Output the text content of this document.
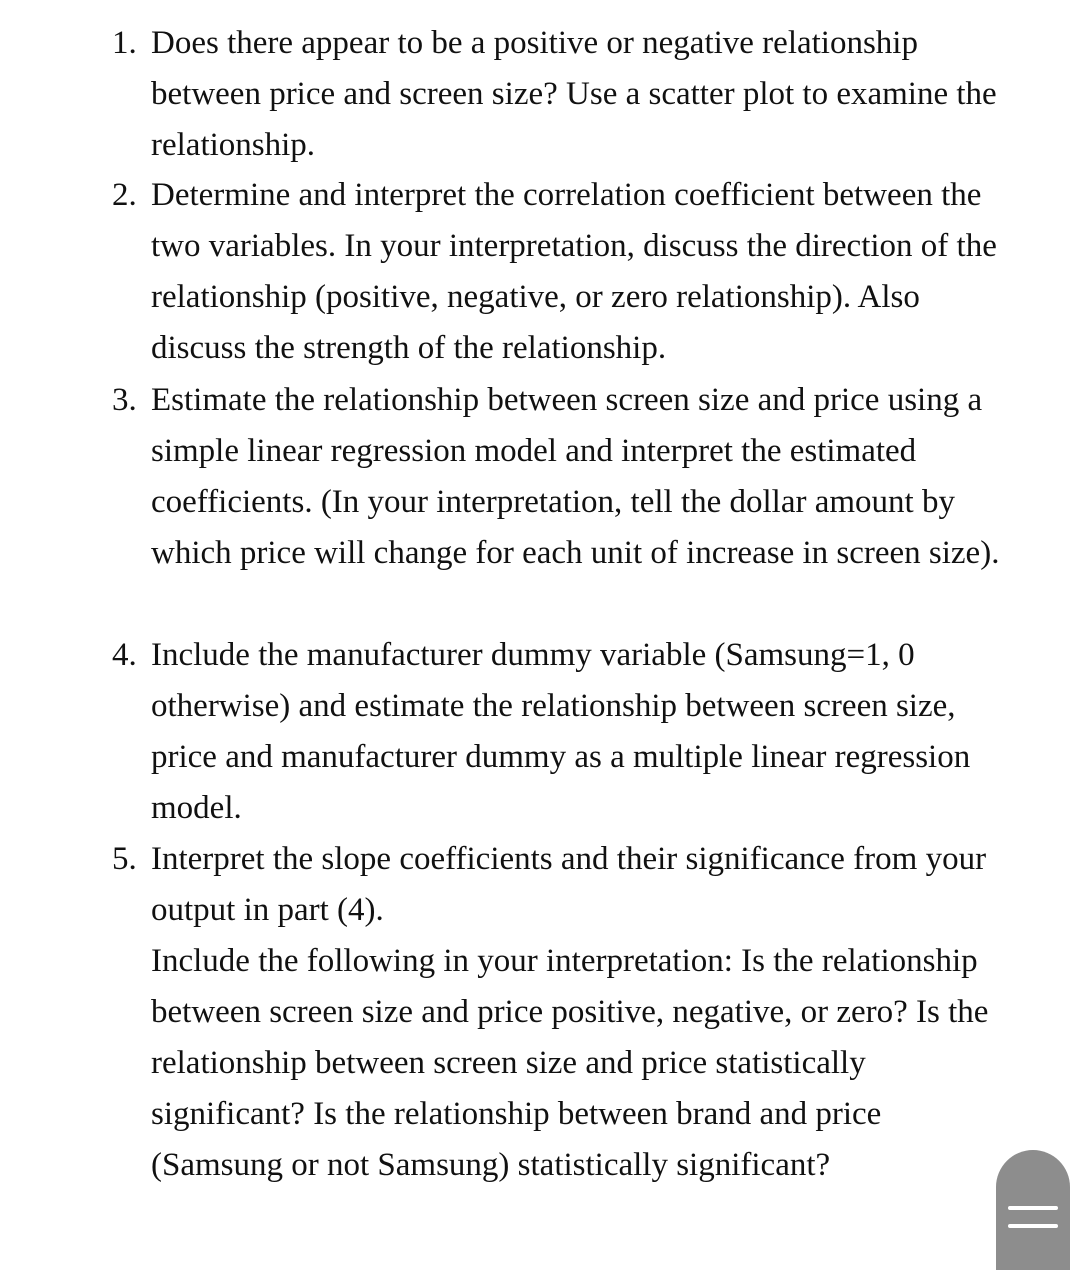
1. Does there appear to be a positive or negative relationship between price and screen size? Use a scatter plot to examine the relationship.
2. Determine and interpret the correlation coefficient between the two variables. In your interpretation, discuss the direction of the relationship (positive, negative, or zero relationship). Also discuss the strength of the relationship.
3. Estimate the relationship between screen size and price using a simple linear regression model and interpret the estimated coefficients. (In your interpretation, tell the dollar amount by which price will change for each unit of increase in screen size).
4. Include the manufacturer dummy variable (Samsung=1, 0 otherwise) and estimate the relationship between screen size, price and manufacturer dummy as a multiple linear regression model.
5. Interpret the slope coefficients and their significance from your output in part (4).
Include the following in your interpretation: Is the relationship between screen size and price positive, negative, or zero? Is the relationship between screen size and price statistically significant? Is the relationship between brand and price (Samsung or not Samsung) statistically significant?
